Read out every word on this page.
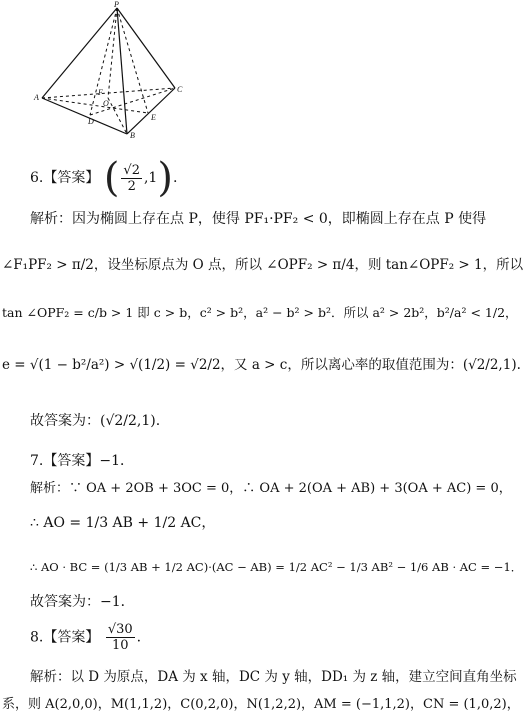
P
A
F
O
D	E
B
C
6.【答案】 ( $\frac{√2}{2} ,1$).
解析：因为椭圆上存在点 P，使得 PF₁·PF₂ < 0，即椭圆上存在点 P 使得
∠F₁PF₂ > π/2，设坐标原点为 O 点，所以 ∠OPF₂ > π/4，则 tan∠OPF₂ > 1，所以
tan ∠OPF₂ = c/b > 1 即 c > b，c² > b²，a² − b² > b²．所以 a² > 2b²，b²/a² < 1/2，
e = √(1 − b²/a²) > √(1/2) = √2/2，又 a > c，所以离心率的取值范围为：(√2/2,1).
故答案为：(√2/2,1).
7.【答案】−1．
解析：∵ OA + 2OB + 3OC = 0，∴ OA + 2(OA + AB) + 3(OA + AC) = 0，
∴ AO = 1/3 AB + 1/2 AC，
∴ AO · BC = (1/3 AB + 1/2 AC)·(AC − AB) = 1/2 AC² − 1/3 AB² − 1/6 AB · AC = −1．
故答案为：−1．
8.【答案】 $\frac{√30}{10}$ .
解析：以 D 为原点，DA 为 x 轴，DC 为 y 轴，DD₁ 为 z 轴，建立空间直角坐标
系，则 A(2,0,0)，M(1,1,2)，C(0,2,0)，N(1,2,2)，AM = (−1,1,2)，CN = (1,0,2)，
